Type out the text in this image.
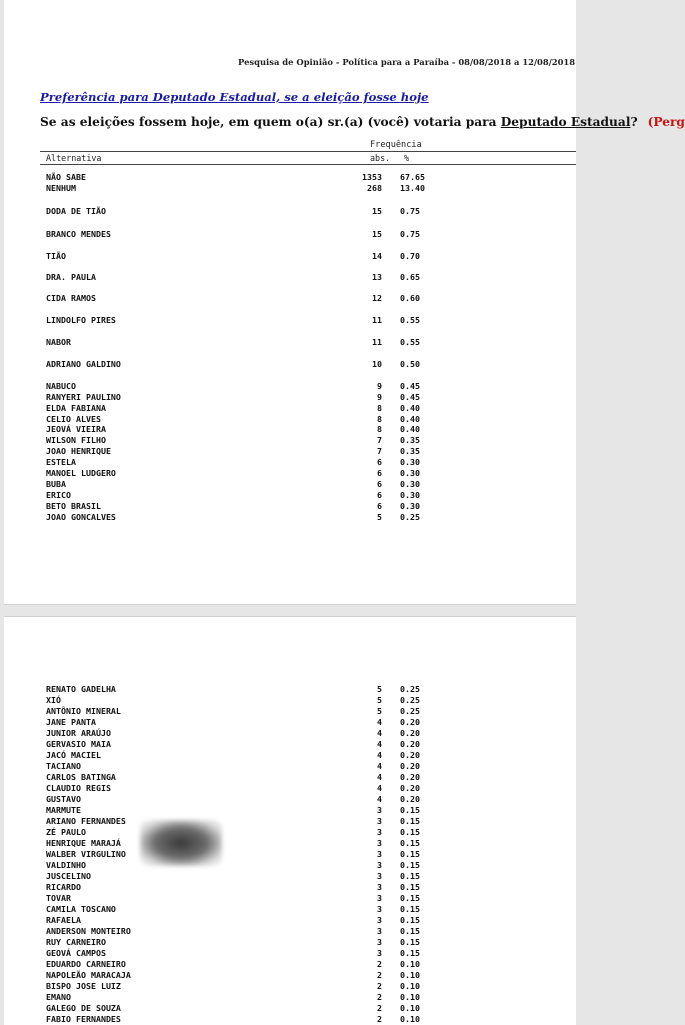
Pesquisa de Opinião - Política para a Paraíba - 08/08/2018 a 12/08/2018
Preferência para Deputado Estadual, se a eleição fosse hoje
Se as eleições fossem hoje, em quem o(a) sr.(a) (você) votaria para Deputado Estadual? (Perg
Frequência
Alternativa	abs. %
NÃO SABE	1353 67.65
NENHUM	268 13.40
DODA DE TIÃO	15 0.75
BRANCO MENDES	15 0.75
TIÃO	14 0.70
DRA. PAULA	13 0.65
CIDA RAMOS	12 0.60
LINDOLFO PIRES	11 0.55
NABOR	11 0.55
ADRIANO GALDINO	10 0.50
NABUCO	9 0.45
RANYERI PAULINO	9 0.45
ELDA FABIANA	8 0.40
CELIO ALVES	8 0.40
JEOVÁ VIEIRA	8 0.40
WILSON FILHO	7 0.35
JOAO HENRIQUE	7 0.35
ESTELA	6 0.30
MANOEL LUDGERO	6 0.30
BUBA	6 0.30
ERICO	6 0.30
BETO BRASIL	6 0.30
JOAO GONCALVES	5 0.25
RENATO GADELHA	5 0.25
XIÓ	5 0.25
ANTÔNIO MINERAL	5 0.25
JANE PANTA	4 0.20
JUNIOR ARAÚJO	4 0.20
GERVASIO MAIA	4 0.20
JACÓ MACIEL	4 0.20
TACIANO	4 0.20
CARLOS BATINGA	4 0.20
CLAUDIO REGIS	4 0.20
GUSTAVO	4 0.20
MARMUTE	3 0.15
ARIANO FERNANDES	3 0.15
ZÉ PAULO	3 0.15
HENRIQUE MARAJÁ	3 0.15
WALBER VIRGULINO	3 0.15
VALDINHO	3 0.15
JUSCELINO	3 0.15
RICARDO	3 0.15
TOVAR	3 0.15
CAMILA TOSCANO	3 0.15
RAFAELA	3 0.15
ANDERSON MONTEIRO	3 0.15
RUY CARNEIRO	3 0.15
GEOVÁ CAMPOS	3 0.15
EDUARDO CARNEIRO	2 0.10
NAPOLEÃO MARACAJA	2 0.10
BISPO JOSE LUIZ	2 0.10
EMANO	2 0.10
GALEGO DE SOUZA	2 0.10
FABIO FERNANDES	2 0.10
